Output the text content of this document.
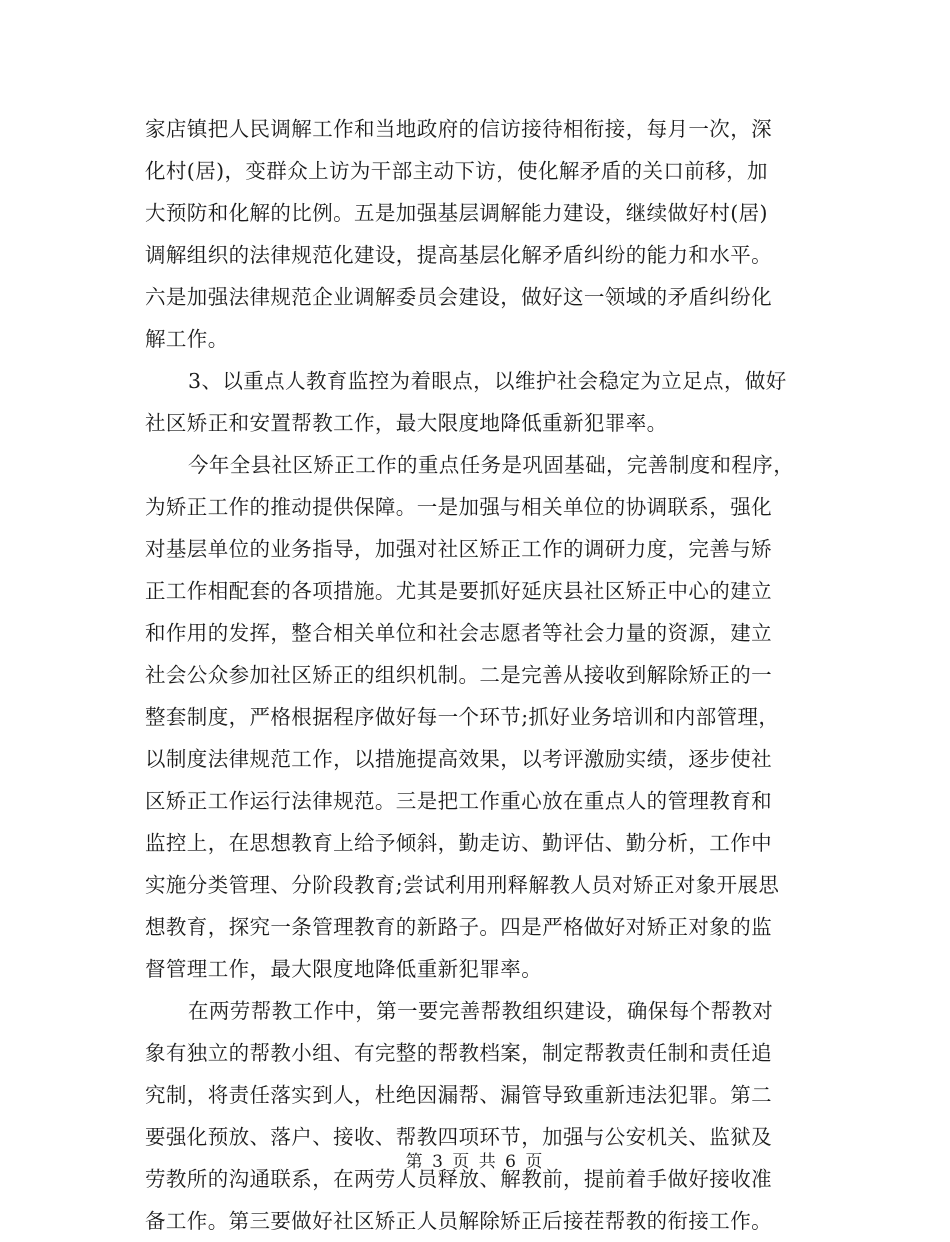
家店镇把人民调解工作和当地政府的信访接待相衔接，每月一次，深
化村(居)，变群众上访为干部主动下访，使化解矛盾的关口前移，加
大预防和化解的比例。五是加强基层调解能力建设，继续做好村(居)
调解组织的法律规范化建设，提高基层化解矛盾纠纷的能力和水平。
六是加强法律规范企业调解委员会建设，做好这一领域的矛盾纠纷化
解工作。
3、以重点人教育监控为着眼点，以维护社会稳定为立足点，做好
社区矫正和安置帮教工作，最大限度地降低重新犯罪率。
今年全县社区矫正工作的重点任务是巩固基础，完善制度和程序，
为矫正工作的推动提供保障。一是加强与相关单位的协调联系，强化
对基层单位的业务指导，加强对社区矫正工作的调研力度，完善与矫
正工作相配套的各项措施。尤其是要抓好延庆县社区矫正中心的建立
和作用的发挥，整合相关单位和社会志愿者等社会力量的资源，建立
社会公众参加社区矫正的组织机制。二是完善从接收到解除矫正的一
整套制度，严格根据程序做好每一个环节;抓好业务培训和内部管理，
以制度法律规范工作，以措施提高效果，以考评激励实绩，逐步使社
区矫正工作运行法律规范。三是把工作重心放在重点人的管理教育和
监控上，在思想教育上给予倾斜，勤走访、勤评估、勤分析，工作中
实施分类管理、分阶段教育;尝试利用刑释解教人员对矫正对象开展思
想教育，探究一条管理教育的新路子。四是严格做好对矫正对象的监
督管理工作，最大限度地降低重新犯罪率。
在两劳帮教工作中，第一要完善帮教组织建设，确保每个帮教对
象有独立的帮教小组、有完整的帮教档案，制定帮教责任制和责任追
究制，将责任落实到人，杜绝因漏帮、漏管导致重新违法犯罪。第二
要强化预放、落户、接收、帮教四项环节，加强与公安机关、监狱及
劳教所的沟通联系，在两劳人员释放、解教前，提前着手做好接收准
备工作。第三要做好社区矫正人员解除矫正后接茬帮教的衔接工作。
第 3 页 共 6 页
